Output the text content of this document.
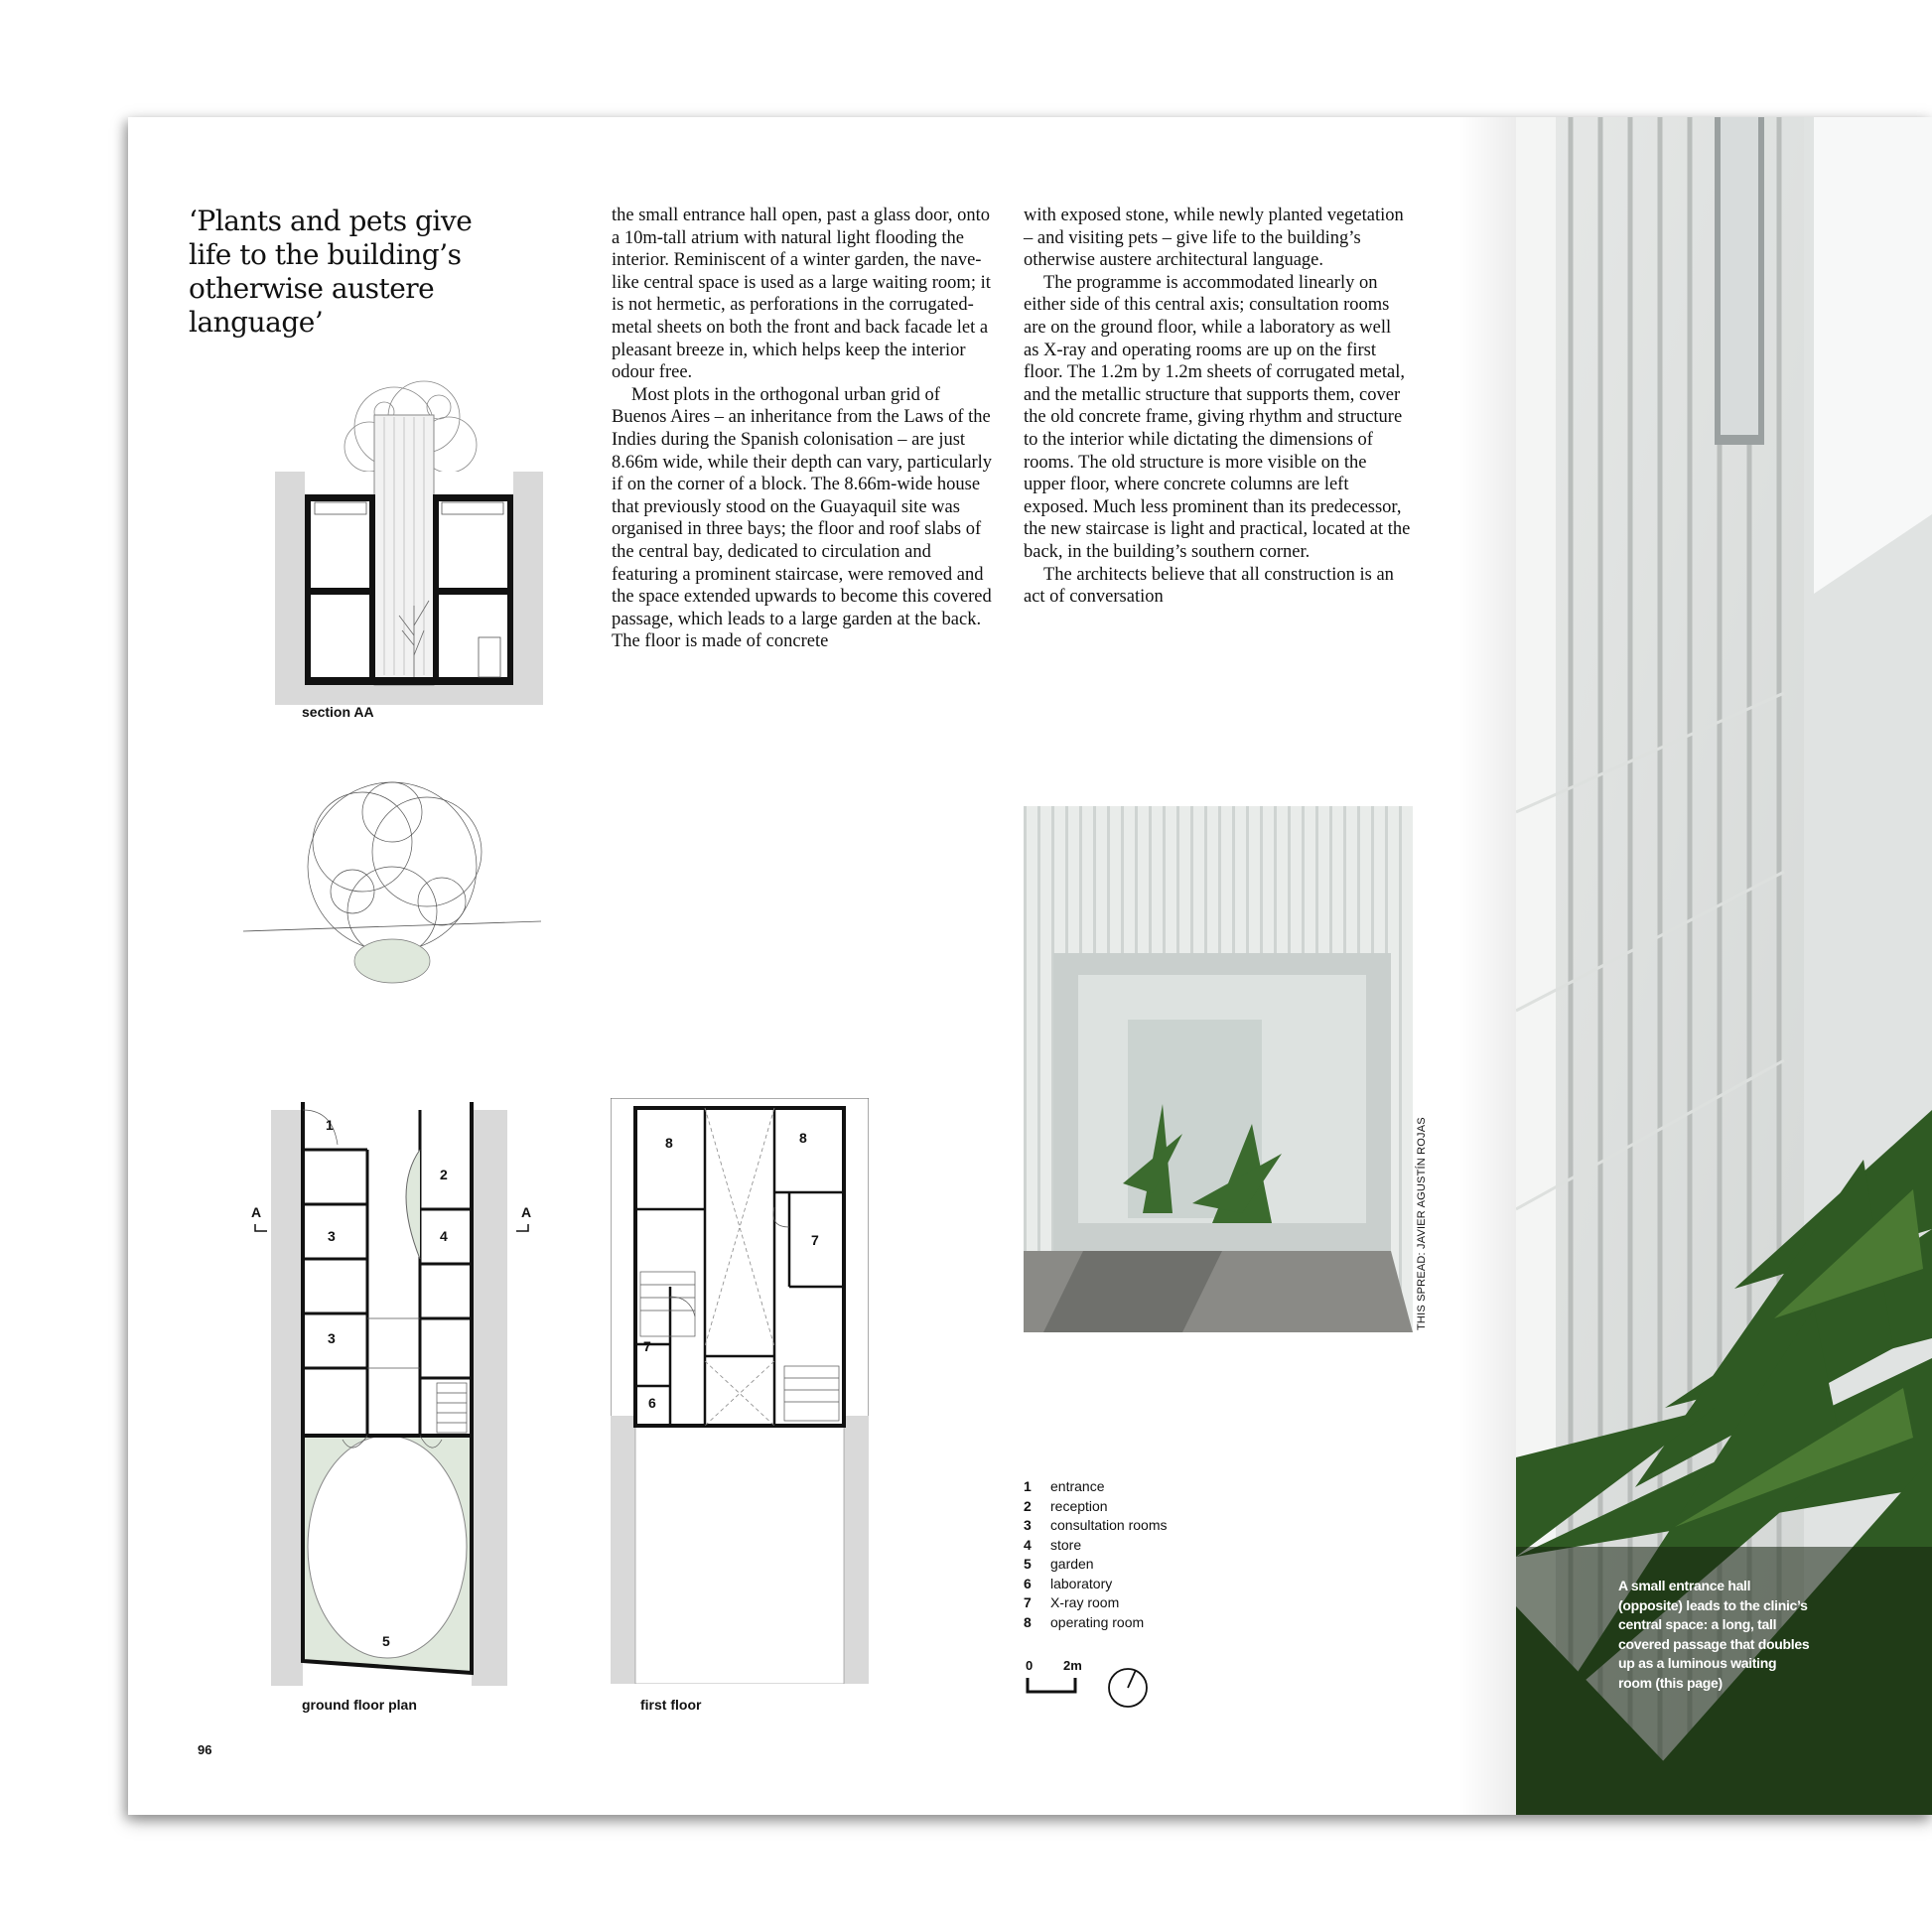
‘Plants and pets give life to the building’s otherwise austere language’

the small entrance hall open, past a glass door, onto a 10m-tall atrium with natural light flooding the interior. Reminiscent of a winter garden, the nave-like central space is used as a large waiting room; it is not hermetic, as perforations in the corrugated-metal sheets on both the front and back facade let a pleasant breeze in, which helps keep the interior odour free.

Most plots in the orthogonal urban grid of Buenos Aires – an inheritance from the Laws of the Indies during the Spanish colonisation – are just 8.66m wide, while their depth can vary, particularly if on the corner of a block. The 8.66m-wide house that previously stood on the Guayaquil site was organised in three bays; the floor and roof slabs of the central bay, dedicated to circulation and featuring a prominent staircase, were removed and the space extended upwards to become this covered passage, which leads to a large garden at the back. The floor is made of concrete

with exposed stone, while newly planted vegetation – and visiting pets – give life to the building’s otherwise austere architectural language.

The programme is accommodated linearly on either side of this central axis; consultation rooms are on the ground floor, while a laboratory as well as X-ray and operating rooms are up on the first floor. The 1.2m by 1.2m sheets of corrugated metal, and the metallic structure that supports them, cover the old concrete frame, giving rhythm and structure to the interior while dictating the dimensions of rooms. The old structure is more visible on the upper floor, where concrete columns are left exposed. Much less prominent than its predecessor, the new staircase is light and practical, located at the back, in the building’s southern corner.

The architects believe that all construction is an act of conversation

section AA
1
2
3	4
3
5
A	A
ground floor plan
8	8
7
7
6
first floor
THIS SPREAD: JAVIER AGUSTÍN ROJAS
1	entrance
2	reception
3	consultation rooms
4	store
5	garden
6	laboratory
7	X-ray room
8	operating room
0 2m
96
A small entrance hall (opposite) leads to the clinic’s central space: a long, tall covered passage that doubles up as a luminous waiting room (this page)
